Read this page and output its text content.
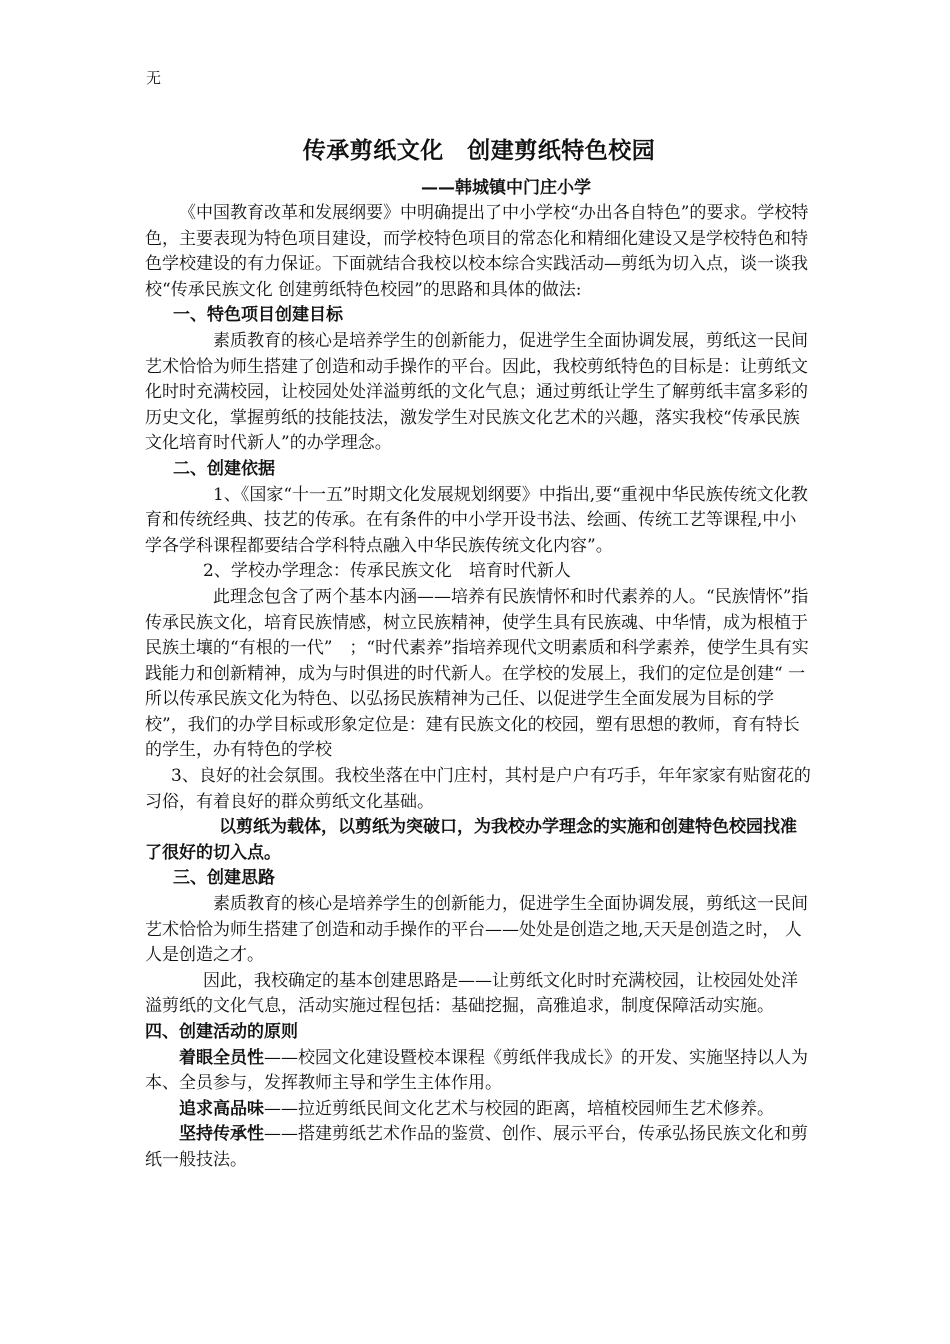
无
传承剪纸文化　创建剪纸特色校园
——韩城镇中门庄小学

《中国教育改革和发展纲要》中明确提出了中小学校“办出各自特色”的要求。学校特色，主要表现为特色项目建设，而学校特色项目的常态化和精细化建设又是学校特色和特色学校建设的有力保证。下面就结合我校以校本综合实践活动—剪纸为切入点，谈一谈我校“传承民族文化 创建剪纸特色校园”的思路和具体的做法:

一、特色项目创建目标

素质教育的核心是培养学生的创新能力，促进学生全面协调发展，剪纸这一民间艺术恰恰为师生搭建了创造和动手操作的平台。因此，我校剪纸特色的目标是：让剪纸文化时时充满校园，让校园处处洋溢剪纸的文化气息；通过剪纸让学生了解剪纸丰富多彩的历史文化，掌握剪纸的技能技法，激发学生对民族文化艺术的兴趣，落实我校“传承民族文化培育时代新人”的办学理念。

二、创建依据

1、《国家“十一五”时期文化发展规划纲要》中指出,要“重视中华民族传统文化教育和传统经典、技艺的传承。在有条件的中小学开设书法、绘画、传统工艺等课程,中小学各学科课程都要结合学科特点融入中华民族传统文化内容”。

2、学校办学理念：传承民族文化　培育时代新人

此理念包含了两个基本内涵——培养有民族情怀和时代素养的人。“民族情怀”指传承民族文化，培育民族情感，树立民族精神，使学生具有民族魂、中华情，成为根植于民族土壤的“有根的一代”　；“时代素养”指培养现代文明素质和科学素养，使学生具有实践能力和创新精神，成为与时俱进的时代新人。在学校的发展上，我们的定位是创建“ 一所以传承民族文化为特色、以弘扬民族精神为己任、以促进学生全面发展为目标的学校”，我们的办学目标或形象定位是：建有民族文化的校园，塑有思想的教师，育有特长的学生，办有特色的学校

3、良好的社会氛围。我校坐落在中门庄村，其村是户户有巧手，年年家家有贴窗花的习俗，有着良好的群众剪纸文化基础。

以剪纸为载体，以剪纸为突破口，为我校办学理念的实施和创建特色校园找准了很好的切入点。

三、创建思路

素质教育的核心是培养学生的创新能力，促进学生全面协调发展，剪纸这一民间艺术恰恰为师生搭建了创造和动手操作的平台——处处是创造之地,天天是创造之时， 人人是创造之才。

因此，我校确定的基本创建思路是——让剪纸文化时时充满校园，让校园处处洋溢剪纸的文化气息，活动实施过程包括：基础挖掘，高雅追求，制度保障活动实施。

四、创建活动的原则

着眼全员性——校园文化建设暨校本课程《剪纸伴我成长》的开发、实施坚持以人为本、全员参与，发挥教师主导和学生主体作用。

追求高品味——拉近剪纸民间文化艺术与校园的距离，培植校园师生艺术修养。

坚持传承性——搭建剪纸艺术作品的鉴赏、创作、展示平台，传承弘扬民族文化和剪纸一般技法。
